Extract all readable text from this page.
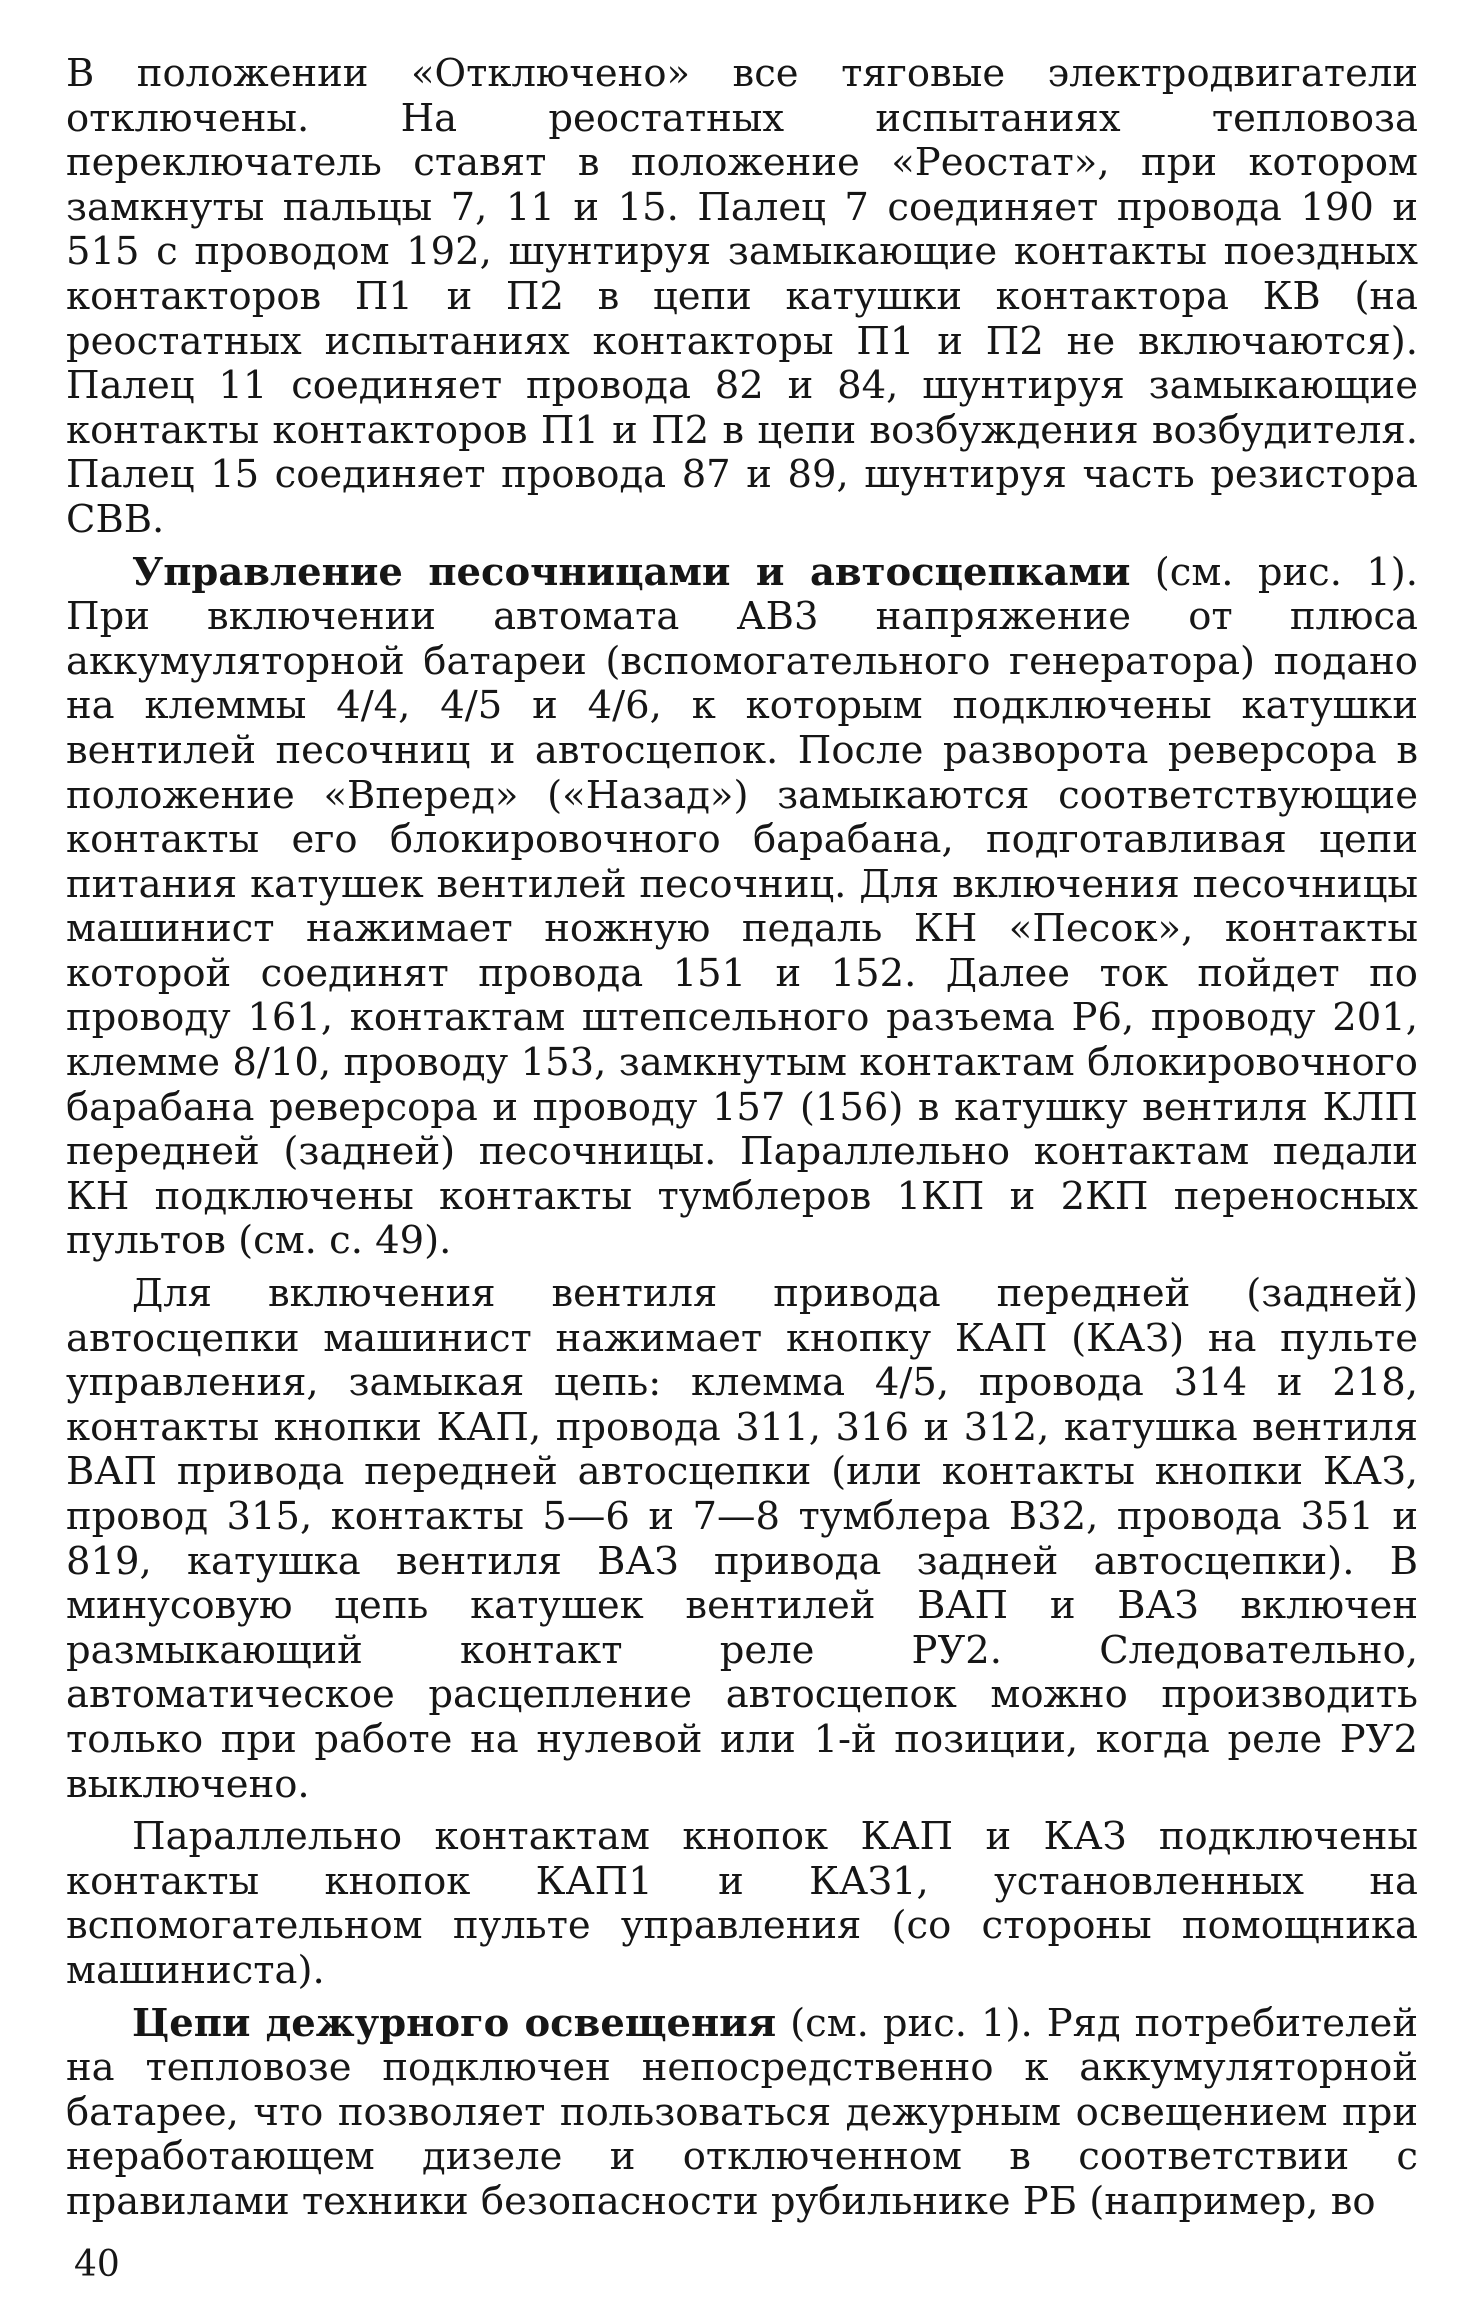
В положении «Отключено» все тяговые электродвигатели отключены. На реостатных испытаниях тепловоза переключатель ставят в положение «Реостат», при котором замкнуты пальцы 7, 11 и 15. Палец 7 соединяет провода 190 и 515 с проводом 192, шунтируя замыкающие контакты поездных контакторов П1 и П2 в цепи катушки контактора КВ (на реостатных испытаниях контакторы П1 и П2 не включаются). Палец 11 соединяет провода 82 и 84, шунтируя замыкающие контакты контакторов П1 и П2 в цепи возбуждения возбудителя. Палец 15 соединяет провода 87 и 89, шунтируя часть резистора СВВ.

Управление песочницами и автосцепками (см. рис. 1). При включении автомата АВ3 напряжение от плюса аккумуляторной батареи (вспомогательного генератора) подано на клеммы 4/4, 4/5 и 4/6, к которым подключены катушки вентилей песочниц и автосцепок. После разворота реверсора в положение «Вперед» («Назад») замыкаются соответствующие контакты его блокировочного барабана, подготавливая цепи питания катушек вентилей песочниц. Для включения песочницы машинист нажимает ножную педаль КН «Песок», контакты которой соединят провода 151 и 152. Далее ток пойдет по проводу 161, контактам штепсельного разъема Р6, проводу 201, клемме 8/10, проводу 153, замкнутым контактам блокировочного барабана реверсора и проводу 157 (156) в катушку вентиля КЛП передней (задней) песочницы. Параллельно контактам педали КН подключены контакты тумблеров 1КП и 2КП переносных пультов (см. с. 49).

Для включения вентиля привода передней (задней) автосцепки машинист нажимает кнопку КАП (КАЗ) на пульте управления, замыкая цепь: клемма 4/5, провода 314 и 218, контакты кнопки КАП, провода 311, 316 и 312, катушка вентиля ВАП привода передней автосцепки (или контакты кнопки КАЗ, провод 315, контакты 5—6 и 7—8 тумблера В32, провода 351 и 819, катушка вентиля ВАЗ привода задней автосцепки). В минусовую цепь катушек вентилей ВАП и ВАЗ включен размыкающий контакт реле РУ2. Следовательно, автоматическое расцепление автосцепок можно производить только при работе на нулевой или 1-й позиции, когда реле РУ2 выключено.

Параллельно контактам кнопок КАП и КАЗ подключены контакты кнопок КАП1 и КАЗ1, установленных на вспомогательном пульте управления (со стороны помощника машиниста).

Цепи дежурного освещения (см. рис. 1). Ряд потребителей на тепловозе подключен непосредственно к аккумуляторной батарее, что позволяет пользоваться дежурным освещением при неработающем дизеле и отключенном в соответствии с правилами техники безопасности рубильнике РБ (например, во

40
